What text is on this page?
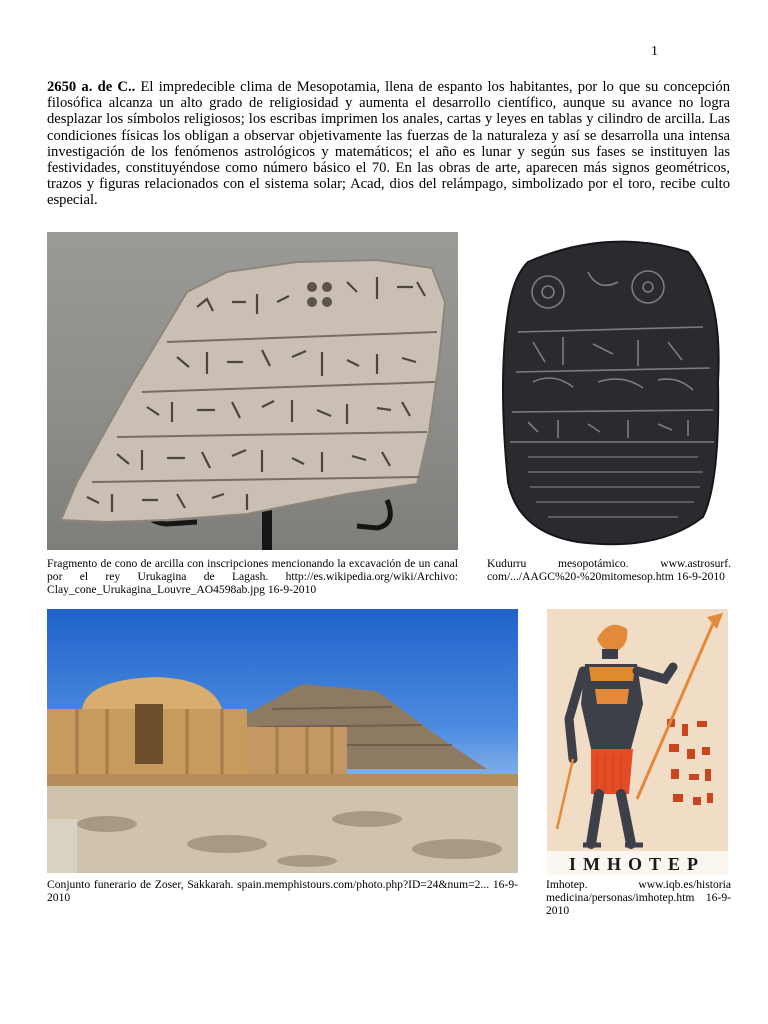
1

2650 a. de C.. El impredecible clima de Mesopotamia, llena de espanto los habitantes, por lo que su concepción filosófica alcanza un alto grado de religiosidad y aumenta el desarrollo científico, aunque su avance no logra desplazar los símbolos religiosos; los escribas imprimen los anales, cartas y leyes en tablas y cilindro de arcilla. Las condiciones físicas los obligan a observar objetivamente las fuerzas de la naturaleza y así se desarrolla una intensa investigación de los fenómenos astrológicos y matemáticos; el año es lunar y según sus fases se instituyen las festividades, constituyéndose como número básico el 70. En las obras de arte, aparecen más signos geométricos, trazos y figuras relacionados con el sistema solar; Acad, dios del relámpago, simbolizado por el toro, recibe culto especial.

Fragmento de cono de arcilla con inscripciones mencionando la excavación de un canal por el rey Urukagina de Lagash. http://es.wikipedia.org/wiki/Archivo: Clay_cone_Urukagina_Louvre_AO4598ab.jpg 16-9-2010
Kudurru mesopotámico. www.astrosurf. com/.../AAGC%20-%20mitomesop.htm 16-9-2010
IMHOTEP
Conjunto funerario de Zoser, Sakkarah. spain.memphistours.com/photo.php?ID=24&num=2... 16-9-2010
Imhotep. www.iqb.es/historia medicina/personas/imhotep.htm 16-9-2010
